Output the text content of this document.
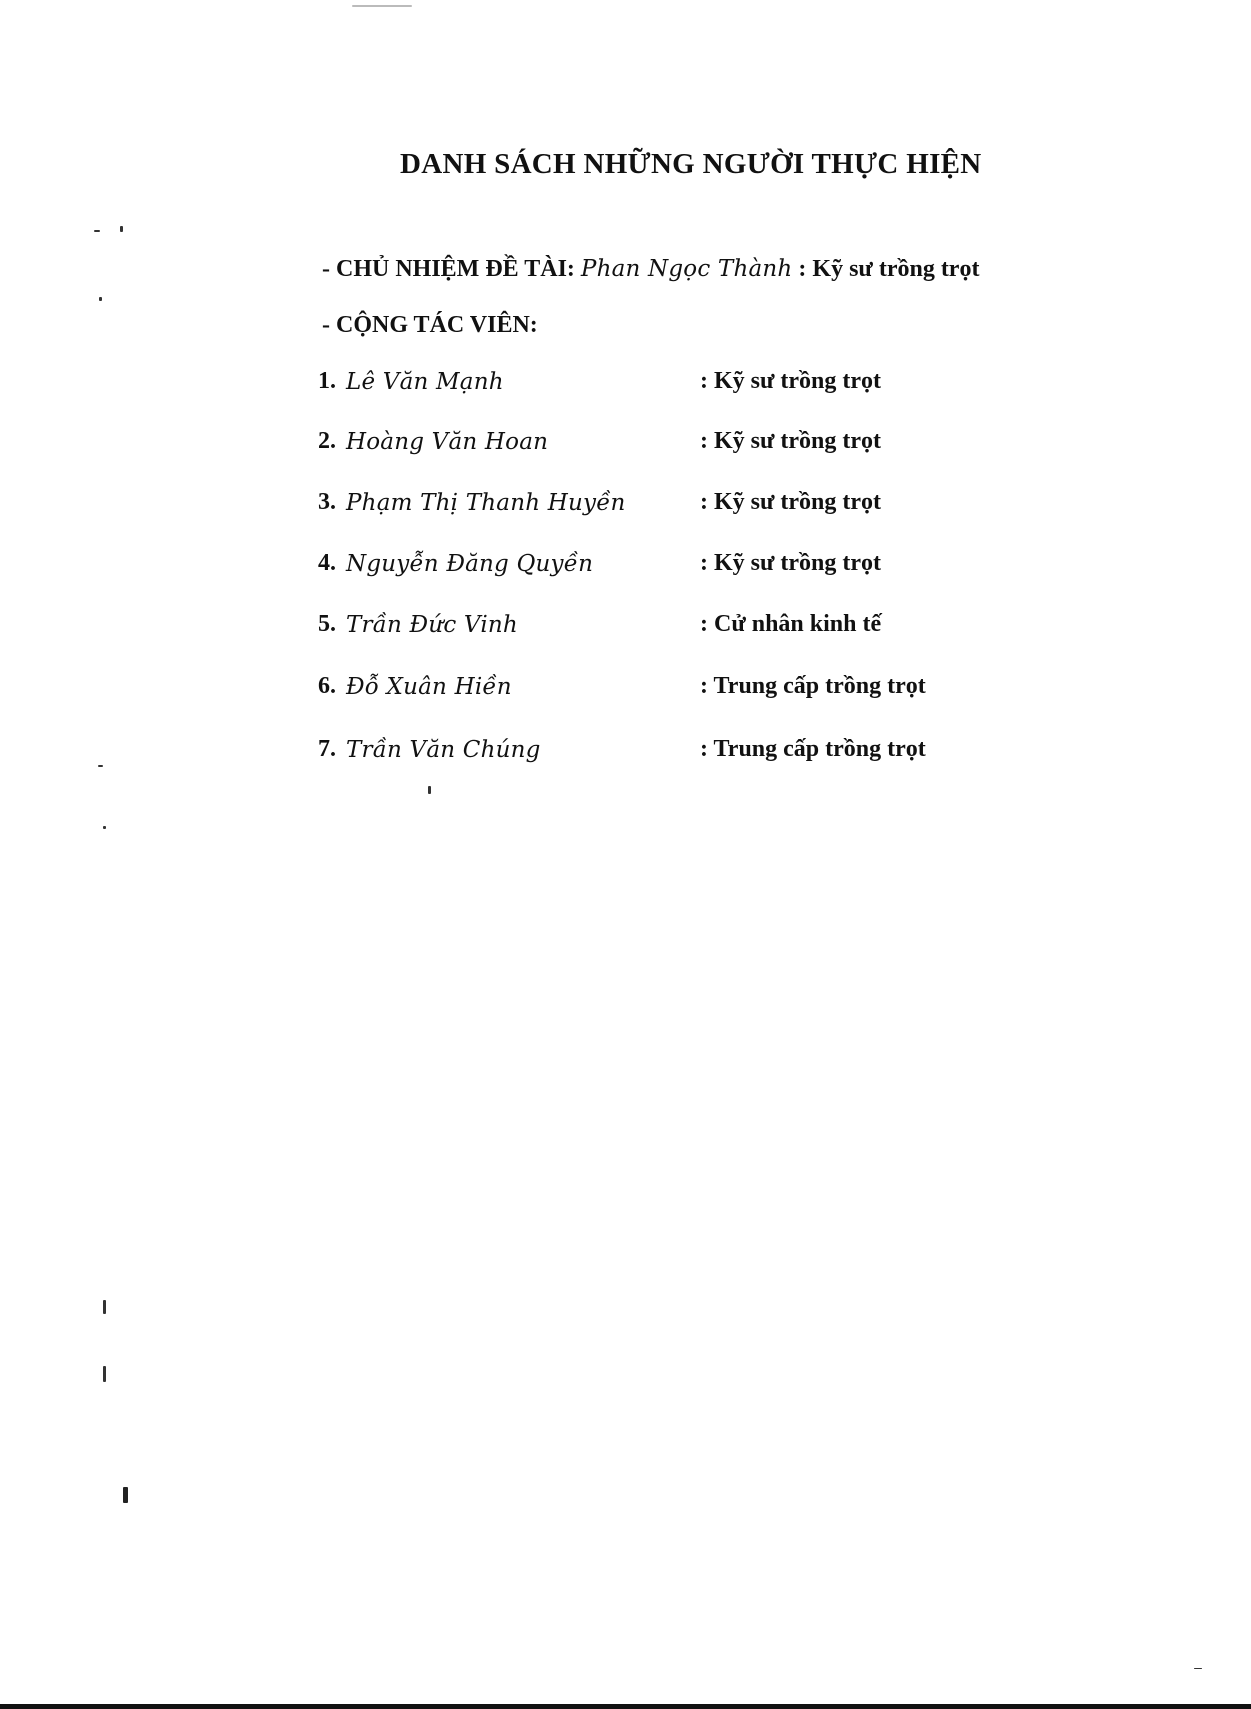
DANH SÁCH NHỮNG NGƯỜI THỰC HIỆN
- CHỦ NHIỆM ĐỀ TÀI: Phan Ngọc Thành : Kỹ sư trồng trọt
- CỘNG TÁC VIÊN:
1. Lê Văn Mạnh	: Kỹ sư trồng trọt
2. Hoàng Văn Hoan	: Kỹ sư trồng trọt
3. Phạm Thị Thanh Huyền	: Kỹ sư trồng trọt
4. Nguyễn Đăng Quyền	: Kỹ sư trồng trọt
5. Trần Đức Vinh	: Cử nhân kinh tế
6. Đỗ Xuân Hiền	: Trung cấp trồng trọt
7. Trần Văn Chúng	: Trung cấp trồng trọt
